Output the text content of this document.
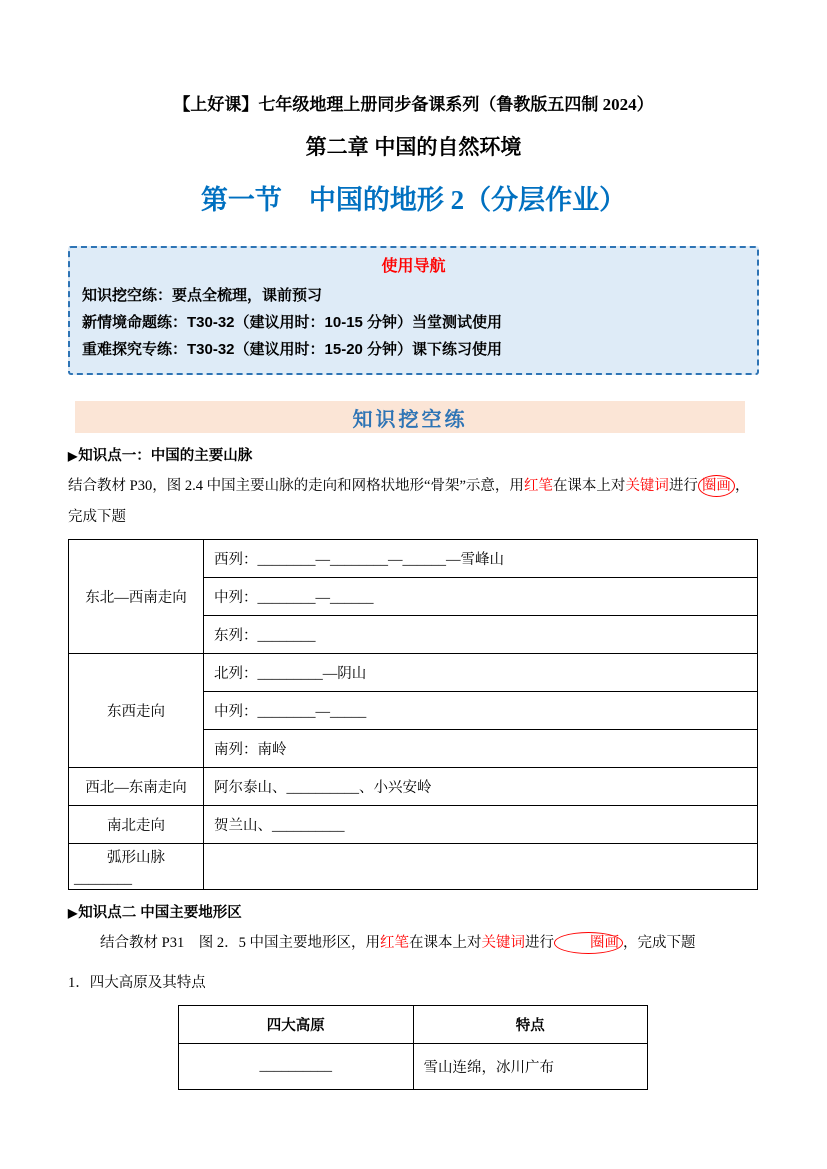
【上好课】七年级地理上册同步备课系列（鲁教版五四制 2024）
第二章 中国的自然环境
第一节　中国的地形 2（分层作业）
使用导航
知识挖空练：要点全梳理，课前预习
新情境命题练：T30-32（建议用时：10-15 分钟）当堂测试使用
重难探究专练：T30-32（建议用时：15-20 分钟）课下练习使用
知识挖空练
▶知识点一：中国的主要山脉

结合教材 P30，图 2.4 中国主要山脉的走向和网格状地形“骨架”示意，用红笔在课本上对关键词进行 圈画 ，
完成下题

东北—西南走向	西列：________—________—______—雪峰山
	中列：________—______
	东列：________
东西走向	北列：_________—阴山
	中列：________—_____
	南列：南岭
西北—东南走向	阿尔泰山、__________、小兴安岭
南北走向	贺兰山、__________

弧形山脉
________	

▶知识点二 中国主要地形区

结合教材 P31　图 2．5 中国主要地形区，用红笔在课本上对关键词进行 圈画 ，完成下题

1．四大高原及其特点
四大高原	特点
__________	雪山连绵，冰川广布
